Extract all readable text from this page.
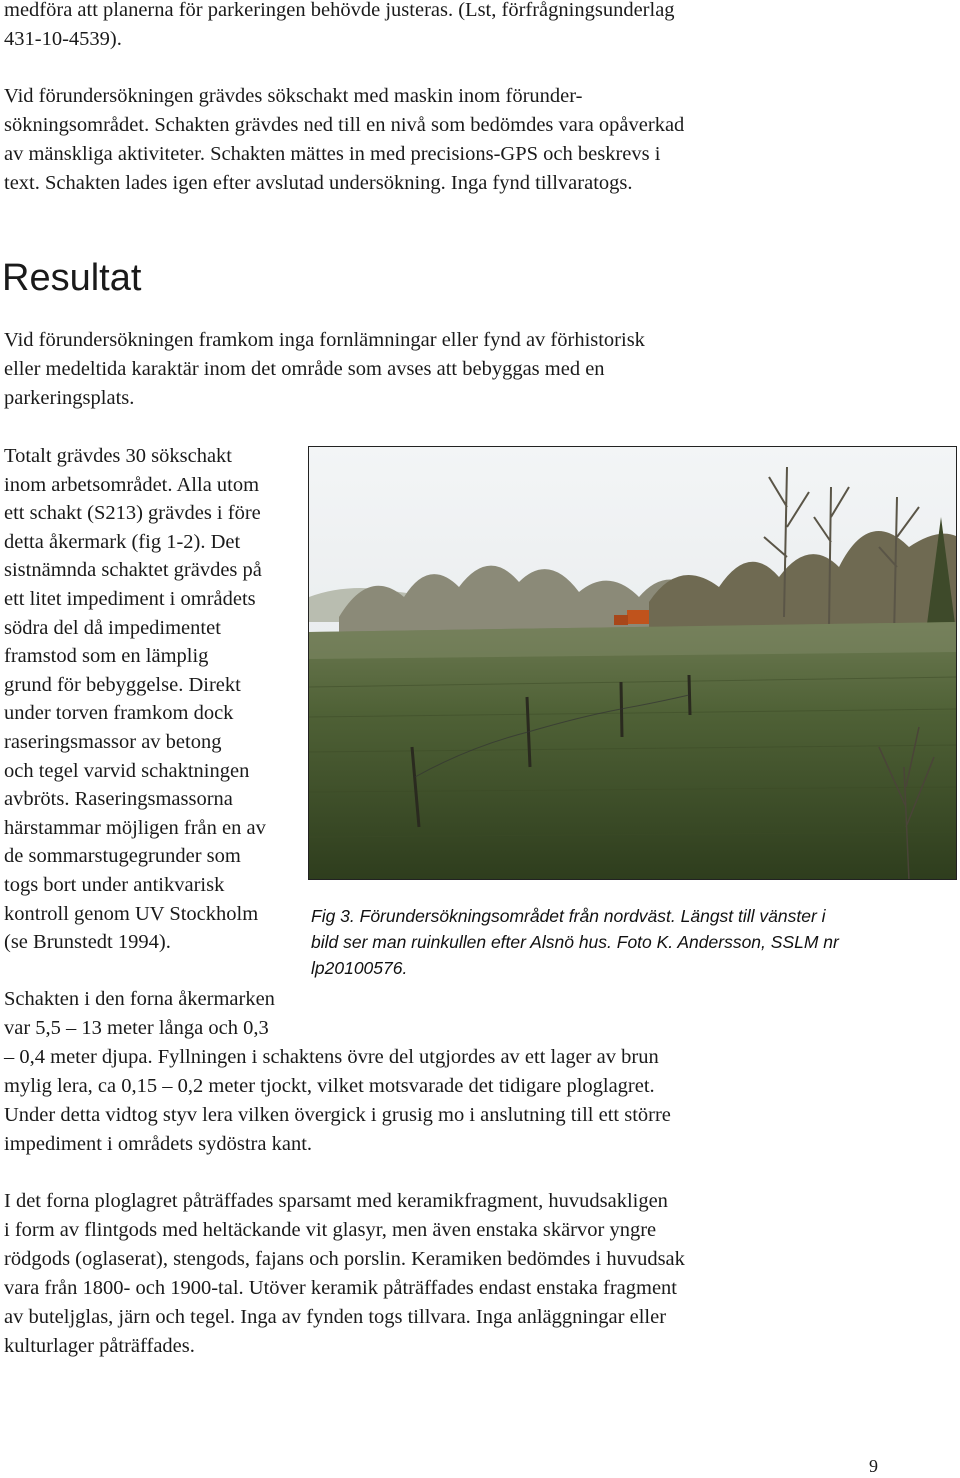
medföra att planerna för parkeringen behövde justeras. (Lst, förfrågningsunderlag
431-10-4539).
Vid förundersökningen grävdes sökschakt med maskin inom förunder-
sökningsområdet. Schakten grävdes ned till en nivå som bedömdes vara opåverkad
av mänskliga aktiviteter. Schakten mättes in med precisions-GPS och beskrevs i
text. Schakten lades igen efter avslutad undersökning. Inga fynd tillvaratogs.
Resultat
Vid förundersökningen framkom inga fornlämningar eller fynd av förhistorisk
eller medeltida karaktär inom det område som avses att bebyggas med en
parkeringsplats.
Totalt grävdes 30 sökschakt
inom arbetsområdet. Alla utom
ett schakt (S213) grävdes i före
detta åkermark (fig 1-2). Det
sistnämnda schaktet grävdes på
ett litet impediment i områdets
södra del då impedimentet
framstod som en lämplig
grund för bebyggelse. Direkt
under torven framkom dock
raseringsmassor av betong
och tegel varvid schaktningen
avbröts. Raseringsmassorna
härstammar möjligen från en av
de sommarstugegrunder som
togs bort under antikvarisk
kontroll genom UV Stockholm
(se Brunstedt 1994).
Schakten i den forna åkermarken
var 5,5 – 13 meter långa och 0,3
Fig 3. Förundersökningsområdet från nordväst. Längst till vänster i
bild ser man ruinkullen efter Alsnö hus. Foto K. Andersson, SSLM nr
lp20100576.
– 0,4 meter djupa. Fyllningen i schaktens övre del utgjordes av ett lager av brun
mylig lera, ca 0,15 – 0,2 meter tjockt, vilket motsvarade det tidigare ploglagret.
Under detta vidtog styv lera vilken övergick i grusig mo i anslutning till ett större
impediment i områdets sydöstra kant.
I det forna ploglagret påträffades sparsamt med keramikfragment, huvudsakligen
i form av flintgods med heltäckande vit glasyr, men även enstaka skärvor yngre
rödgods (oglaserat), stengods, fajans och porslin. Keramiken bedömdes i huvudsak
vara från 1800- och 1900-tal. Utöver keramik påträffades endast enstaka fragment
av buteljglas, järn och tegel. Inga av fynden togs tillvara. Inga anläggningar eller
kulturlager påträffades.
9
